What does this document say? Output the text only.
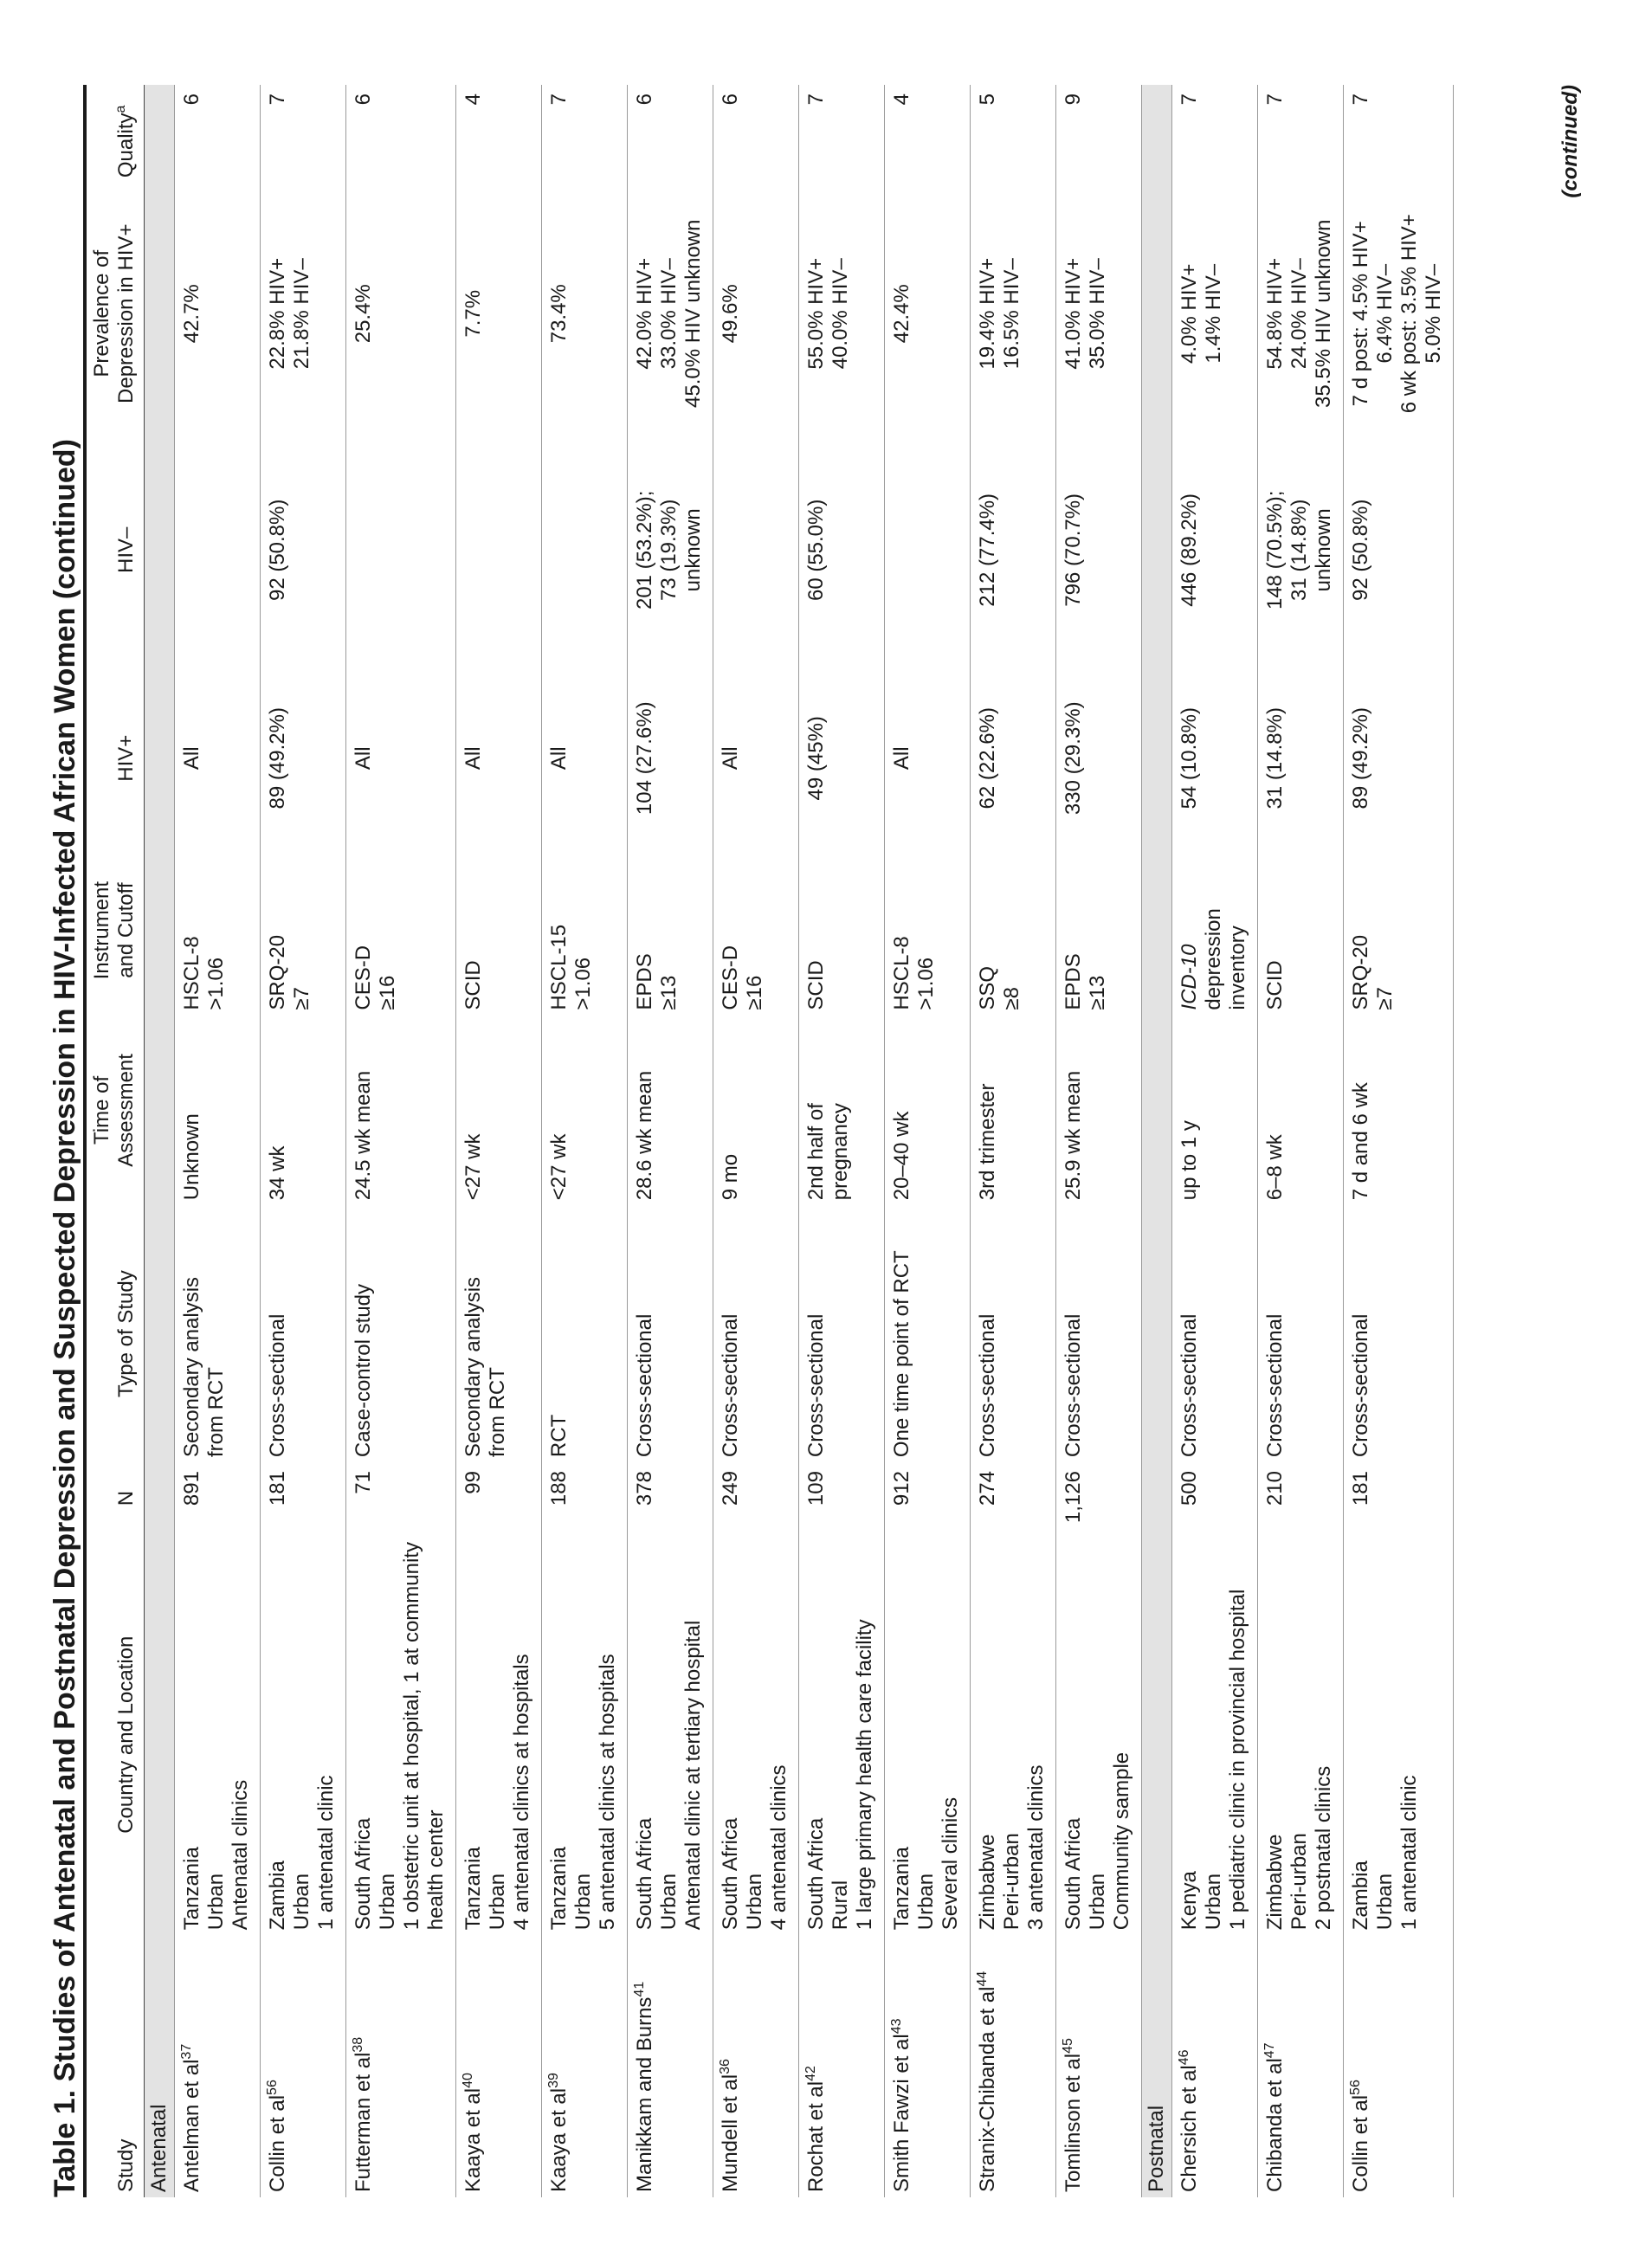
Table 1. Studies of Antenatal and Postnatal Depression and Suspected Depression in HIV-Infected African Women (continued) Study	Country and Location	N	Type of Study	Time of Assessment	Instrument and Cutoff	HIV+	HIV–	Prevalence of Depression in HIV+	Quality$^a$
Antenatal									
Antelman et $al^{37}$	Tanzania Urban Antenatal clinics	891	Secondary analysis from RCT	Unknown	HSCL-8 >1.06	All		42.7%	6
Collin et $al^{56}$	Zambia Urban 1 antenatal clinic	181	Cross-sectional	34 wk	SRQ-20 ≥7	89 (49.2%)	92 (50.8%)	22.8% HIV+ 21.8% HIV–	7
Futterman et $al^{38}$	South Africa Urban 1 obstetric unit at hospital, 1 at community health center	71	Case-control study	24.5 wk mean	CES-D ≥16	All		25.4%	6
Kaaya et $al^{40}$	Tanzania Urban 4 antenatal clinics at hospitals	99	Secondary analysis from RCT	<27 wk	SCID	All		7.7%	4
Kaaya et $al^{39}$	Tanzania Urban 5 antenatal clinics at hospitals	188	RCT	<27 wk	HSCL-15 >1.06	All		73.4%	7
Manikkam and Burns$^{41}$	South Africa Urban Antenatal clinic at tertiary hospital	378	Cross-sectional	28.6 wk mean	EPDS ≥13	104 (27.6%)	201 (53.2%); 73 (19.3%) unknown	42.0% HIV+ 33.0% HIV– 45.0% HIV unknown	6
Mundell et $al^{36}$	South Africa Urban 4 antenatal clinics	249	Cross-sectional	9 mo	CES-D ≥16	All		49.6%	6
Rochat et $al^{42}$	South Africa Rural 1 large primary health care facility	109	Cross-sectional	2nd half of pregnancy	SCID	49 (45%)	60 (55.0%)	55.0% HIV+ 40.0% HIV–	7
Smith Fawzi et $al^{43}$	Tanzania Urban Several clinics	912	One time point of RCT	20–40 wk	HSCL-8 >1.06	All		42.4%	4
Stranix-Chibanda et $al^{44}$	Zimbabwe Peri-urban 3 antenatal clinics	274	Cross-sectional	3rd trimester	SSQ ≥8	62 (22.6%)	212 (77.4%)	19.4% HIV+ 16.5% HIV–	5
Tomlinson et $al^{45}$	South Africa Urban Community sample	1,126	Cross-sectional	25.9 wk mean	EPDS ≥13	330 (29.3%)	796 (70.7%)	41.0% HIV+ 35.0% HIV–	9
Postnatal									
Chersich et $al^{46}$	Kenya Urban 1 pediatric clinic in provincial hospital	500	Cross-sectional	up to 1 y	ICD-10 depression inventory	54 (10.8%)	446 (89.2%)	4.0% HIV+ 1.4% HIV–	7
Chibanda et $al^{47}$	Zimbabwe Peri-urban 2 postnatal clinics	210	Cross-sectional	6–8 wk	SCID	31 (14.8%)	148 (70.5%); 31 (14.8%) unknown	54.8% HIV+ 24.0% HIV– 35.5% HIV unknown	7
Collin et $al^{56}$	Zambia Urban 1 antenatal clinic	181	Cross-sectional	7 d and 6 wk	SRQ-20 ≥7	89 (49.2%)	92 (50.8%)	7 d post: 4.5% HIV+ 6.4% HIV– 6 wk post: 3.5% HIV+ 5.0% HIV–	7	(continued)
